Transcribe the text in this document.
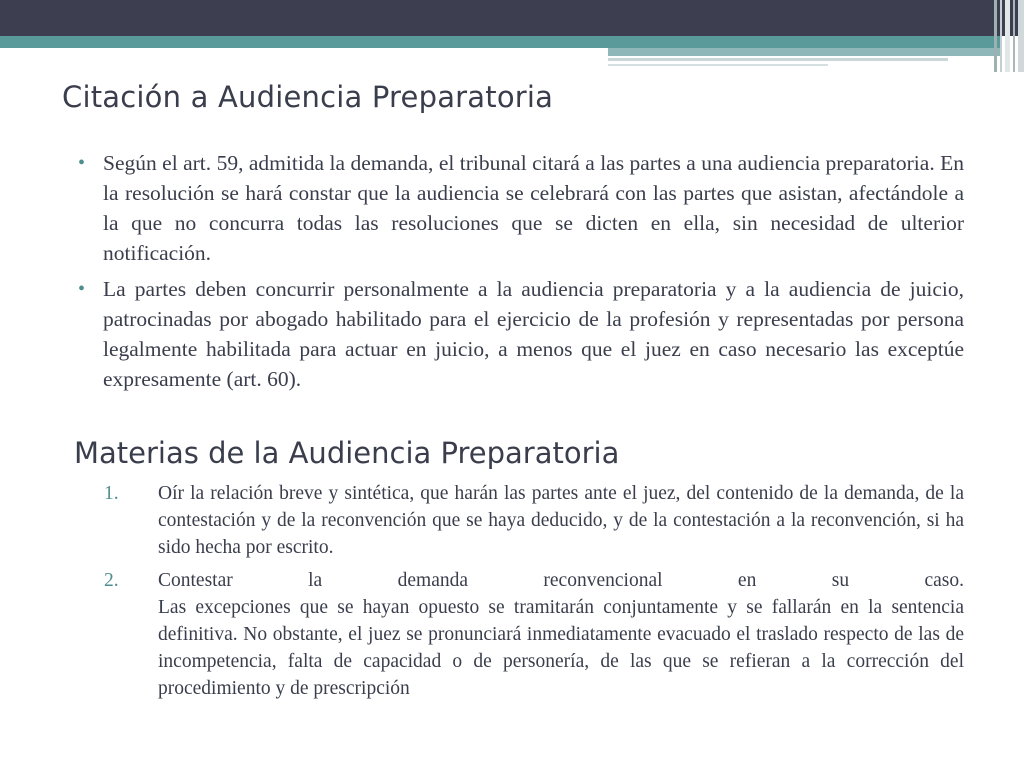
Citación a Audiencia Preparatoria
• Según el art. 59, admitida la demanda, el tribunal citará a las partes a una audiencia preparatoria. En la resolución se hará constar que la audiencia se celebrará con las partes que asistan, afectándole a la que no concurra todas las resoluciones que se dicten en ella, sin necesidad de ulterior notificación.
• La partes deben concurrir personalmente a la audiencia preparatoria y a la audiencia de juicio, patrocinadas por abogado habilitado para el ejercicio de la profesión y representadas por persona legalmente habilitada para actuar en juicio, a menos que el juez en caso necesario las exceptúe expresamente (art. 60).
Materias de la Audiencia Preparatoria
1. Oír la relación breve y sintética, que harán las partes ante el juez, del contenido de la demanda, de la contestación y de la reconvención que se haya deducido, y de la contestación a la reconvención, si ha sido hecha por escrito.
2. Contestar la demanda reconvencional en su caso.
Las excepciones que se hayan opuesto se tramitarán conjuntamente y se fallarán en la sentencia definitiva. No obstante, el juez se pronunciará inmediatamente evacuado el traslado respecto de las de incompetencia, falta de capacidad o de personería, de las que se refieran a la corrección del procedimiento y de prescripción
